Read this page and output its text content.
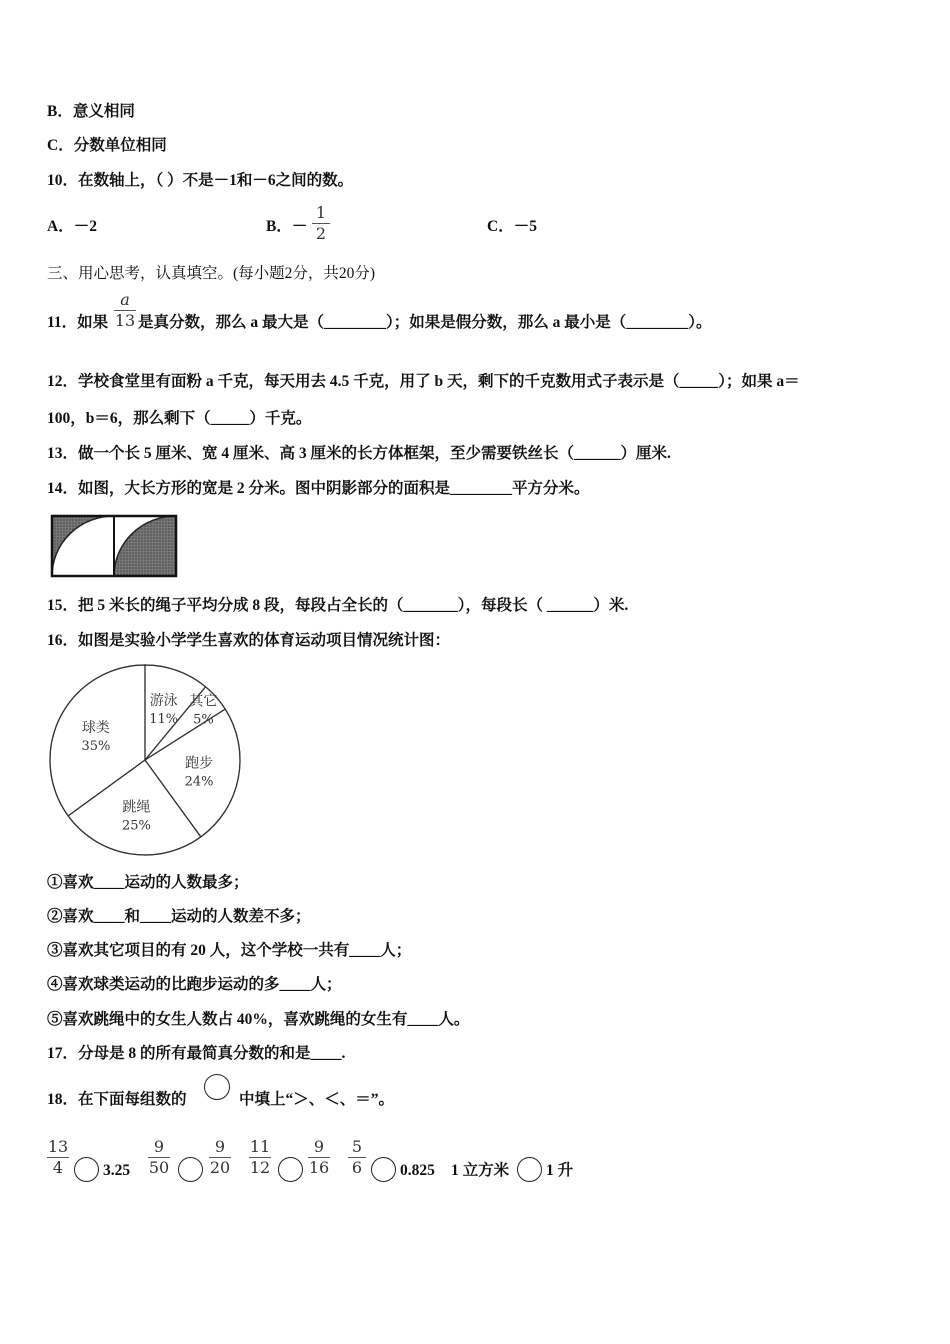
B．意义相同
C．分数单位相同
10．在数轴上，（ ）不是－1和－6之间的数。
A．－2	B．－
1
2	C．－5
三、用心思考，认真填空。(每小题2分，共20分)
11．如果
a
13 是真分数，那么 a 最大是（________）；如果是假分数，那么 a 最小是（________）。
12．学校食堂里有面粉 a 千克，每天用去 4.5 千克，用了 b 天，剩下的千克数用式子表示是（_____）；如果 a＝
100，b＝6，那么剩下（_____）千克。
13．做一个长 5 厘米、宽 4 厘米、高 3 厘米的长方体框架，至少需要铁丝长（______）厘米.
14．如图，大长方形的宽是 2 分米。图中阴影部分的面积是________平方分米。
15．把 5 米长的绳子平均分成 8 段，每段占全长的（_______），每段长（ ______）米.
16．如图是实验小学学生喜欢的体育运动项目情况统计图：
游泳
11%
其它
5%
跑步
24%
跳绳
25%
球类
35%
①喜欢____运动的人数最多；
②喜欢____和____运动的人数差不多；
③喜欢其它项目的有 20 人，这个学校一共有____人；
④喜欢球类运动的比跑步运动的多____人；
⑤喜欢跳绳中的女生人数占 40%，喜欢跳绳的女生有____人。
17．分母是 8 的所有最简真分数的和是____.
18．在下面每组数的	中填上“＞、＜、＝”。
13
4	3.25
9
50
9
20
11
12
9
16
5
6 0.825 1 立方米 1 升
